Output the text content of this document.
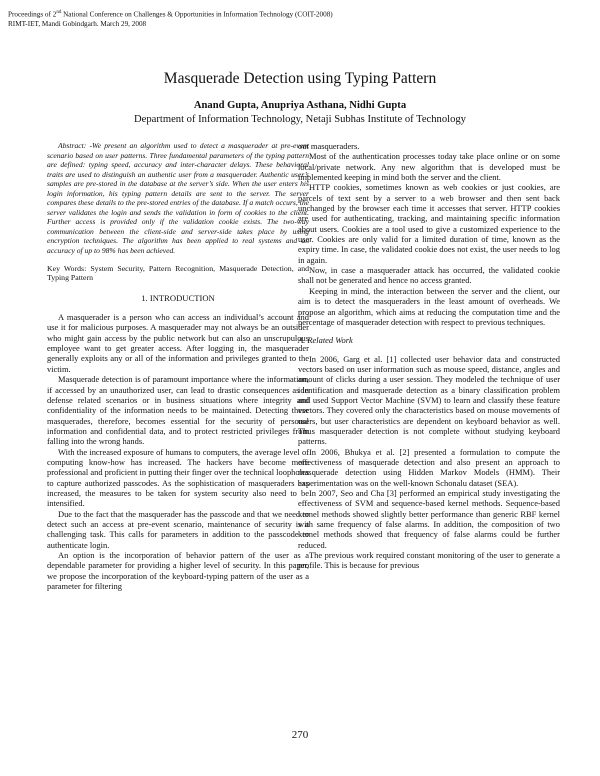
Proceedings of 2nd National Conference on Challenges & Opportunities in Information Technology (COIT-2008)
RIMT-IET, Mandi Gobindgarh. March 29, 2008
Masquerade Detection using Typing Pattern
Anand Gupta, Anupriya Asthana, Nidhi Gupta
Department of Information Technology, Netaji Subhas Institute of Technology

Abstract: -We present an algorithm used to detect a masquerader at pre-event scenario based on user patterns. Three fundamental parameters of the typing pattern are defined: typing speed, accuracy and inter-character delays. These behavioral traits are used to distinguish an authentic user from a masquerader. Authentic user’s samples are pre-stored in the database at the server’s side. When the user enters his login information, his typing pattern details are sent to the server. The server compares these details to the pre-stored entries of the database. If a match occurs, the server validates the login and sends the validation in form of cookies to the client. Further access is provided only if the validation cookie exists. The two-way communication between the client-side and server-side takes place by using encryption techniques. The algorithm has been applied to real systems and an accuracy of up to 98% has been achieved.

Key Words: System Security, Pattern Recognition, Masquerade Detection, and Typing Pattern

1. INTRODUCTION

A masquerader is a person who can access an individual’s account and use it for malicious purposes. A masquerader may not always be an outsider who might gain access by the public network but can also an unscrupulous employee want to get greater access. After logging in, the masquerader generally exploits any or all of the information and privileges granted to the victim.

Masquerade detection is of paramount importance where the information, if accessed by an unauthorized user, can lead to drastic consequences as in defense related scenarios or in business situations where integrity and confidentiality of the information needs to be maintained. Detecting these masquerades, therefore, becomes essential for the security of personal information and confidential data, and to protect restricted privileges from falling into the wrong hands.

With the increased exposure of humans to computers, the average level of computing know-how has increased. The hackers have become more professional and proficient in putting their finger over the technical loopholes to capture authorized passcodes. As the sophistication of masqueraders has increased, the measures to be taken for system security also need to be intensified.

Due to the fact that the masquerader has the passcode and that we need to detect such an access at pre-event scenario, maintenance of security is a challenging task. This calls for parameters in addition to the passcode to authenticate login.

An option is the incorporation of behavior pattern of the user as a dependable parameter for providing a higher level of security. In this paper, we propose the incorporation of the keyboard-typing pattern of the user as a parameter for filtering

out masqueraders.

Most of the authentication processes today take place online or on some local/private network. Any new algorithm that is developed must be implemented keeping in mind both the server and the client.

HTTP cookies, sometimes known as web cookies or just cookies, are parcels of text sent by a server to a web browser and then sent back unchanged by the browser each time it accesses that server. HTTP cookies are used for authenticating, tracking, and maintaining specific information about users. Cookies are a tool used to give a customized experience to the user. Cookies are only valid for a limited duration of time, known as the expiry time. In case, the validated cookie does not exist, the user needs to log in again.

Now, in case a masquerader attack has occurred, the validated cookie shall not be generated and hence no access granted.

Keeping in mind, the interaction between the server and the client, our aim is to detect the masqueraders in the least amount of overheads. We propose an algorithm, which aims at reducing the computation time and the percentage of masquerader detection with respect to previous techniques.

A. Related Work

In 2006, Garg et al. [1] collected user behavior data and constructed vectors based on user information such as mouse speed, distance, angles and amount of clicks during a user session. They modeled the technique of user identification and masquerade detection as a binary classification problem and used Support Vector Machine (SVM) to learn and classify these feature vectors. They covered only the characteristics based on mouse movements of users, but user characteristics are dependent on keyboard behavior as well. Thus masquerader detection is not complete without studying keyboard patterns.

In 2006, Bhukya et al. [2] presented a formulation to compute the effectiveness of masquerade detection and also present an approach to masquerade detection using Hidden Markov Models (HMM). Their experimentation was on the well-known Schonalu dataset (SEA).

In 2007, Seo and Cha [3] performed an empirical study investigating the effectiveness of SVM and sequence-based kernel methods. Sequence-based kernel methods showed slightly better performance than generic RBF kernel with same frequency of false alarms. In addition, the composition of two kernel methods showed that frequency of false alarms could be further reduced.

The previous work required constant monitoring of the user to generate a profile. This is because for previous

270
